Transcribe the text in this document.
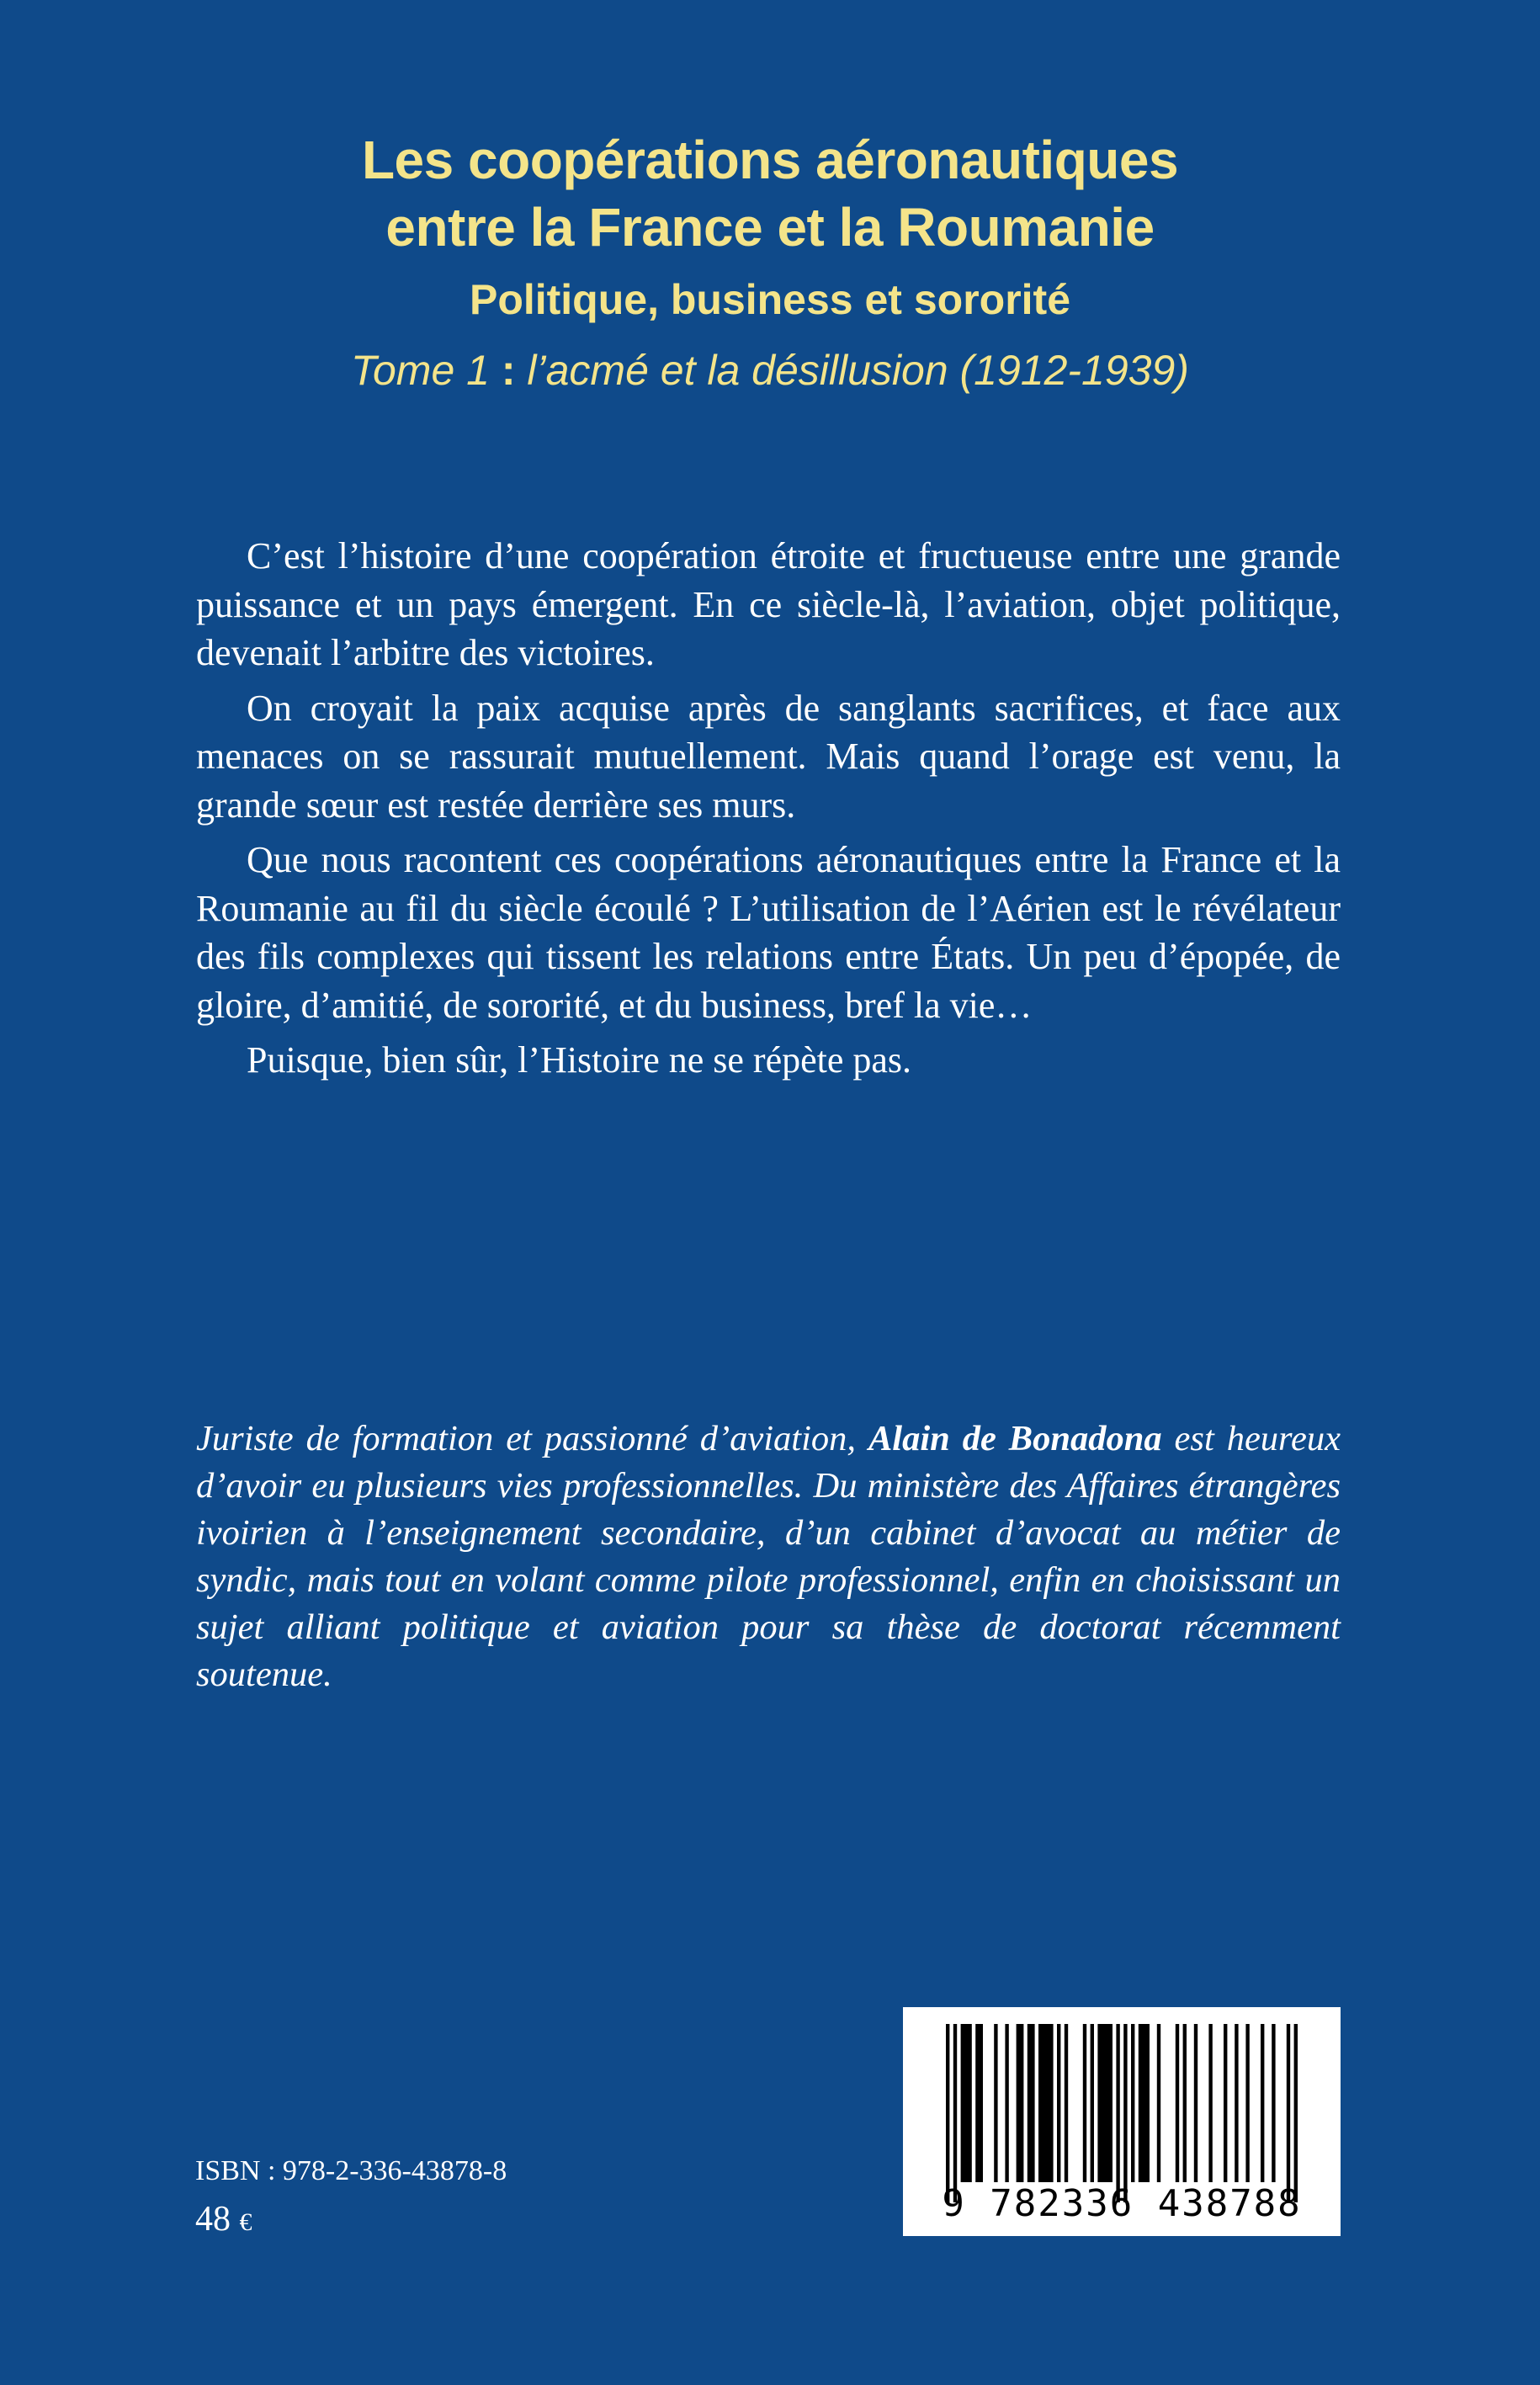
Les coopérations aéronautiques
entre la France et la Roumanie
Politique, business et sororité
Tome 1 : l’acmé et la désillusion (1912-1939)

C’est l’histoire d’une coopération étroite et fructueuse entre une grande puissance et un pays émergent. En ce siècle-là, l’aviation, objet politique, devenait l’arbitre des victoires.

On croyait la paix acquise après de sanglants sacrifices, et face aux menaces on se rassurait mutuellement. Mais quand l’orage est venu, la grande sœur est restée derrière ses murs.

Que nous racontent ces coopérations aéronautiques entre la France et la Roumanie au fil du siècle écoulé ? L’utilisation de l’Aérien est le révélateur des fils complexes qui tissent les relations entre États. Un peu d’épopée, de gloire, d’amitié, de sororité, et du business, bref la vie…

Puisque, bien sûr, l’Histoire ne se répète pas.

Juriste de formation et passionné d’aviation, Alain de Bonadona est heureux d’avoir eu plusieurs vies professionnelles. Du ministère des Affaires étrangères ivoirien à l’enseignement secondaire, d’un cabinet d’avocat au métier de syndic, mais tout en volant comme pilote professionnel, enfin en choisissant un sujet alliant politique et aviation pour sa thèse de doctorat récemment soutenue.

ISBN : 978-2-336-43878-8
48 €	9 782336 438788
